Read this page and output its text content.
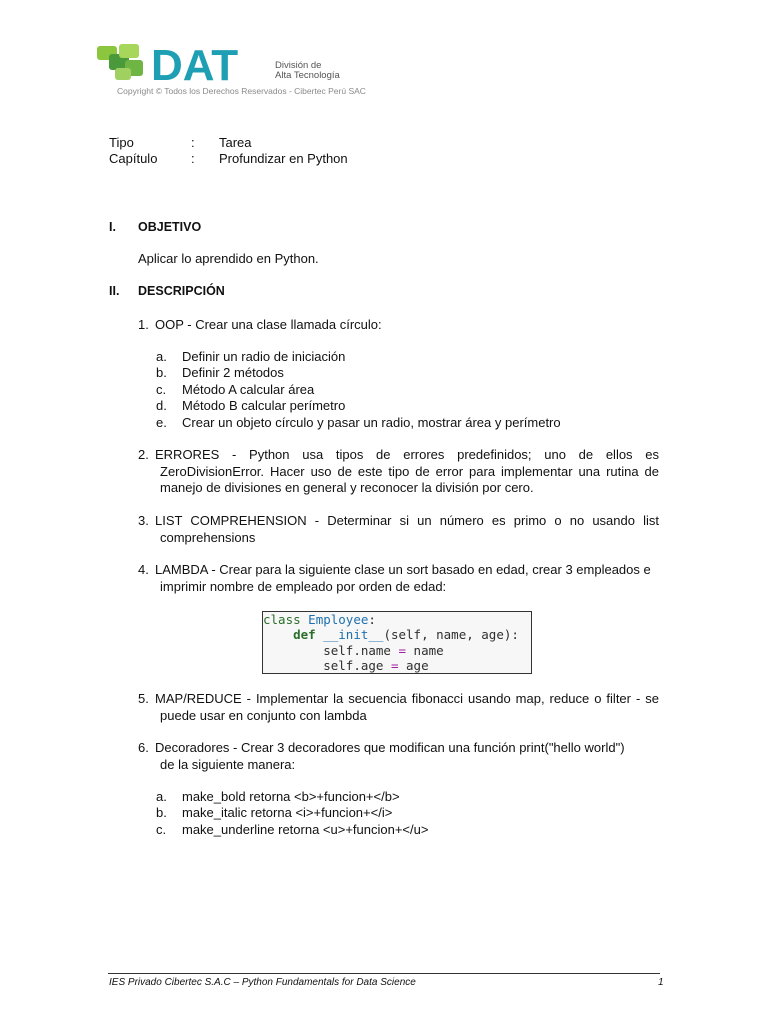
DAT	División de
Alta Tecnología
Copyright © Todos los Derechos Reservados - Cibertec Perú SAC
Tipo	: Tarea
Capítulo	: Profundizar en Python
I. OBJETIVO
Aplicar lo aprendido en Python.
II. DESCRIPCIÓN
1. OOP - Crear una clase llamada círculo:
a. Definir un radio de iniciación
b. Definir 2 métodos
c. Método A calcular área
d. Método B calcular perímetro
e. Crear un objeto círculo y pasar un radio, mostrar área y perímetro
2. ERRORES - Python usa tipos de errores predefinidos; uno de ellos es
ZeroDivisionError. Hacer uso de este tipo de error para implementar una rutina de
manejo de divisiones en general y reconocer la división por cero.
3. LIST COMPREHENSION - Determinar si un número es primo o no usando list
comprehensions
4. LAMBDA - Crear para la siguiente clase un sort basado en edad, crear 3 empleados e
imprimir nombre de empleado por orden de edad:
class Employee:
def __init__(self, name, age):
self.name = name
self.age = age
5. MAP/REDUCE - Implementar la secuencia fibonacci usando map, reduce o filter - se
puede usar en conjunto con lambda
6. Decoradores - Crear 3 decoradores que modifican una función print("hello world")
de la siguiente manera:
a. make_bold retorna <b>+funcion+</b>
b. make_italic retorna <i>+funcion+</i>
c. make_underline retorna <u>+funcion+</u>
IES Privado Cibertec S.A.C – Python Fundamentals for Data Science	1
